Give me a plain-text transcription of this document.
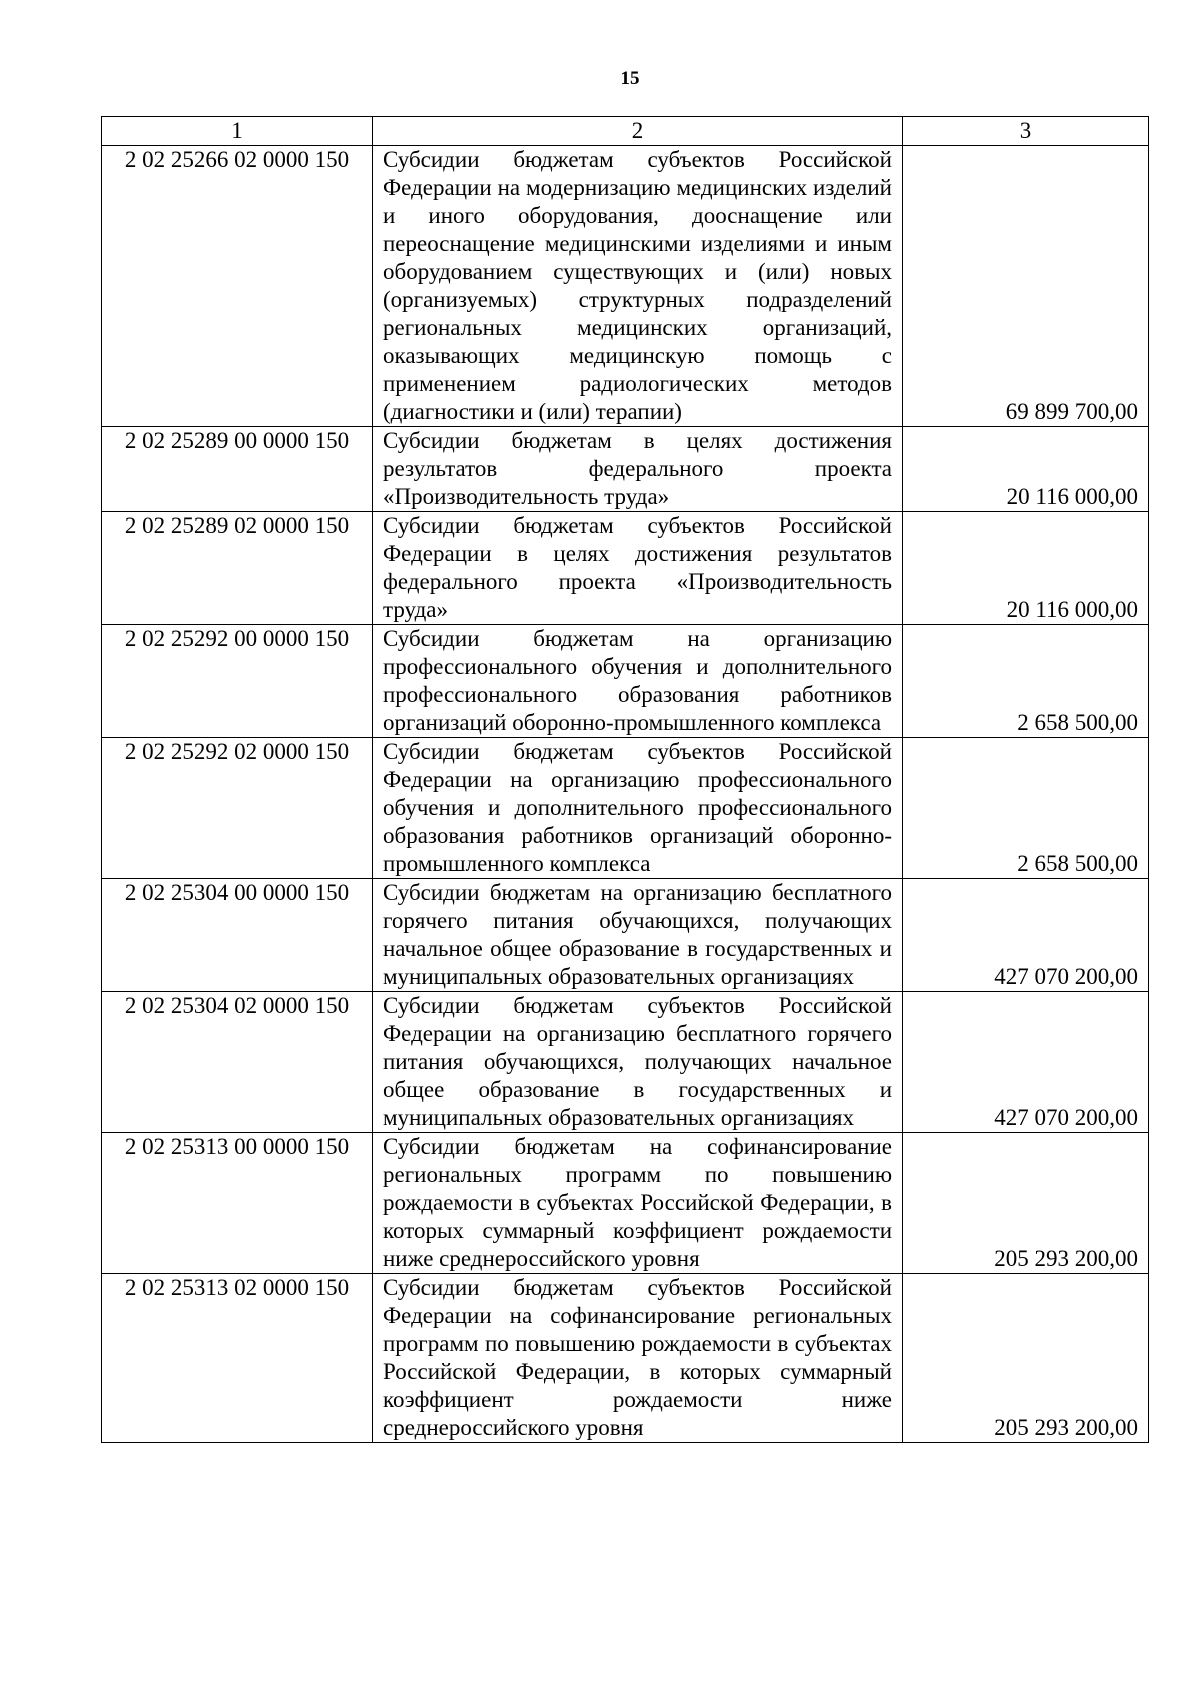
15
1	2	3
2 02 25266 02 0000 150	Субсидии бюджетам субъектов Российской Федерации на модернизацию медицинских изделий и иного оборудования, дооснащение или переоснащение медицинскими изделиями и иным оборудованием существующих и (или) новых (организуемых) структурных подразделений региональных медицинских организаций, оказывающих медицинскую помощь с применением радиологических методов (диагностики и (или) терапии)	69 899 700,00
2 02 25289 00 0000 150	Субсидии бюджетам в целях достижения результатов федерального проекта «Производительность труда»	20 116 000,00
2 02 25289 02 0000 150	Субсидии бюджетам субъектов Российской Федерации в целях достижения результатов федерального проекта «Производительность труда»	20 116 000,00
2 02 25292 00 0000 150	Субсидии бюджетам на организацию профессионального обучения и дополнительного профессионального образования работников организаций оборонно-промышленного комплекса	2 658 500,00
2 02 25292 02 0000 150	Субсидии бюджетам субъектов Российской Федерации на организацию профессионального обучения и дополнительного профессионального образования работников организаций оборонно-промышленного комплекса	2 658 500,00
2 02 25304 00 0000 150	Субсидии бюджетам на организацию бесплатного горячего питания обучающихся, получающих начальное общее образование в государственных и муниципальных образовательных организациях	427 070 200,00
2 02 25304 02 0000 150	Субсидии бюджетам субъектов Российской Федерации на организацию бесплатного горячего питания обучающихся, получающих начальное общее образование в государственных и муниципальных образовательных организациях	427 070 200,00
2 02 25313 00 0000 150	Субсидии бюджетам на софинансирование региональных программ по повышению рождаемости в субъектах Российской Федерации, в которых суммарный коэффициент рождаемости ниже среднероссийского уровня	205 293 200,00
2 02 25313 02 0000 150	Субсидии бюджетам субъектов Российской Федерации на софинансирование региональных программ по повышению рождаемости в субъектах Российской Федерации, в которых суммарный коэффициент рождаемости ниже среднероссийского уровня	205 293 200,00
